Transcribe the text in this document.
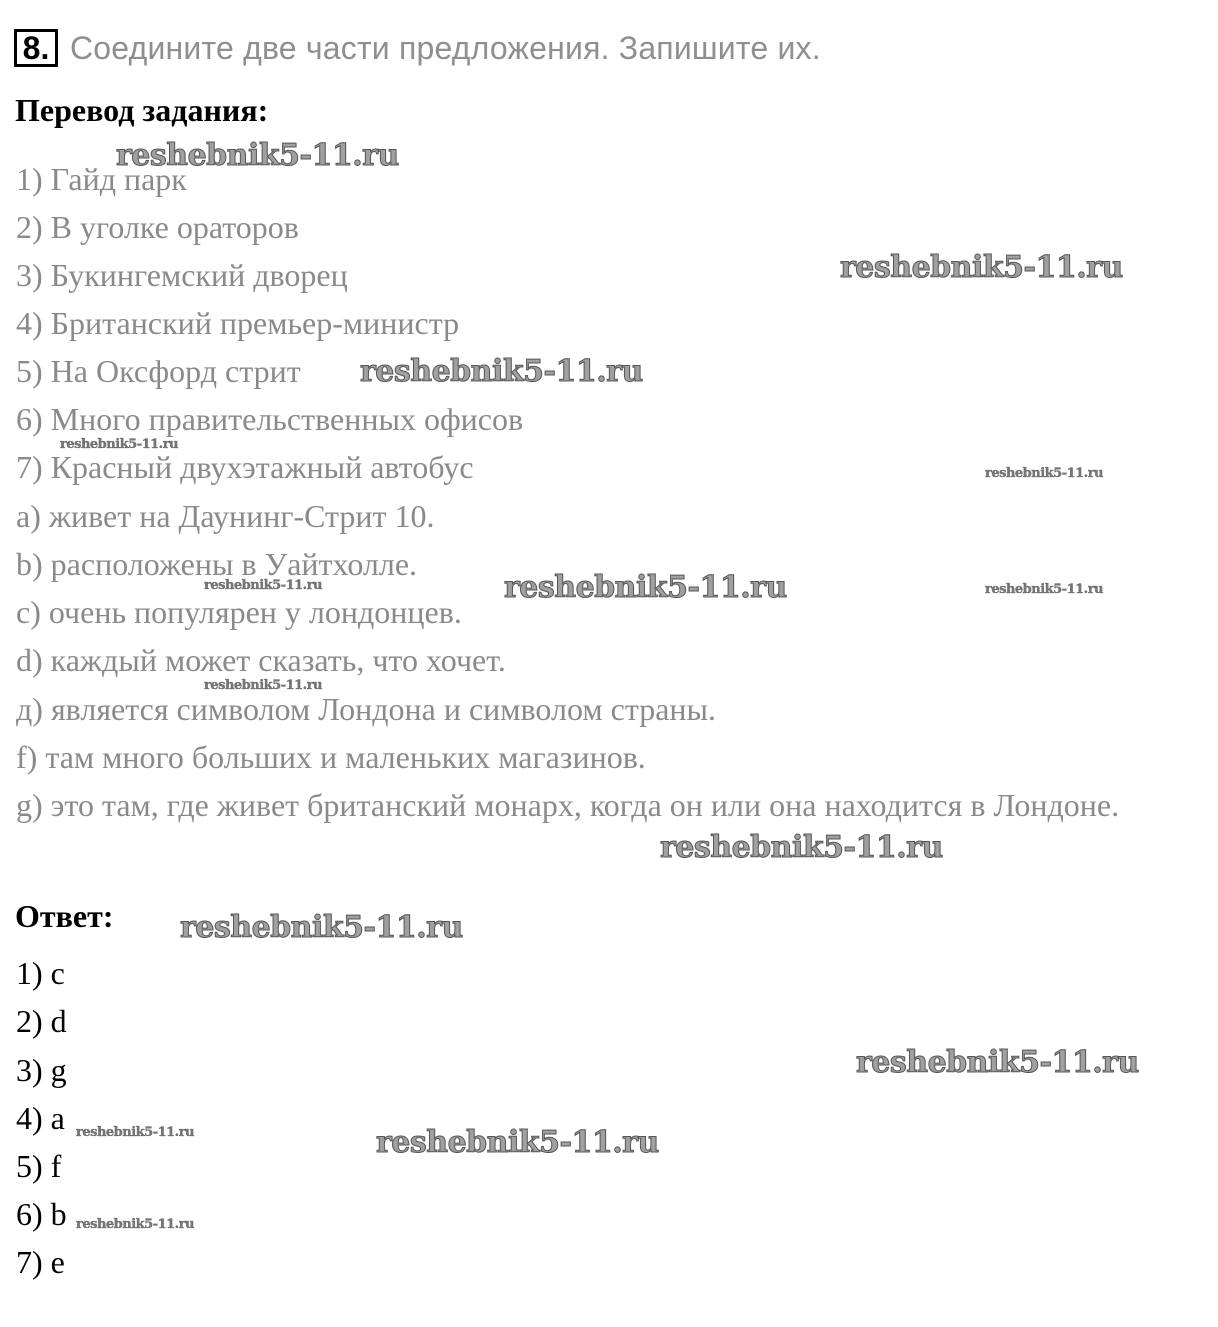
8. Соедините две части предложения. Запишите их.
Перевод задания:
1) Гайд парк
2) В уголке ораторов
3) Букингемский дворец
4) Британский премьер-министр
5) На Оксфорд стрит
6) Много правительственных офисов
7) Красный двухэтажный автобус
a) живет на Даунинг-Стрит 10.
b) расположены в Уайтхолле.
c) очень популярен у лондонцев.
d) каждый может сказать, что хочет.
д) является символом Лондона и символом страны.
f) там много больших и маленьких магазинов.
g) это там, где живет британский монарх, когда он или она находится в Лондоне.
Ответ:
1) c
2) d
3) g
4) a
5) f
6) b
7) e
reshebnik5-11.ru
reshebnik5-11.ru
reshebnik5-11.ru
reshebnik5-11.ru
reshebnik5-11.ru
reshebnik5-11.ru	reshebnik5-11.ru	reshebnik5-11.ru
reshebnik5-11.ru
reshebnik5-11.ru
reshebnik5-11.ru
reshebnik5-11.ru
reshebnik5-11.ru	reshebnik5-11.ru
reshebnik5-11.ru
